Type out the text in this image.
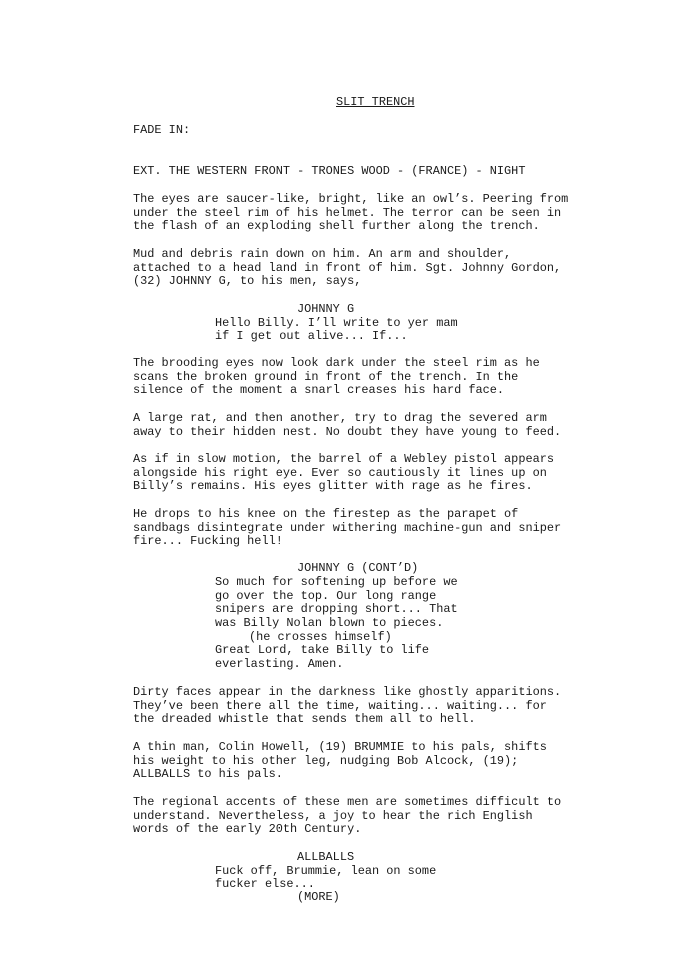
SLIT TRENCH
FADE IN:
EXT. THE WESTERN FRONT - TRONES WOOD - (FRANCE) - NIGHT
The eyes are saucer-like, bright, like an owl’s. Peering from
under the steel rim of his helmet. The terror can be seen in
the flash of an exploding shell further along the trench.
Mud and debris rain down on him. An arm and shoulder,
attached to a head land in front of him. Sgt. Johnny Gordon,
(32) JOHNNY G, to his men, says,
JOHNNY G
Hello Billy. I’ll write to yer mam
if I get out alive... If...
The brooding eyes now look dark under the steel rim as he
scans the broken ground in front of the trench. In the
silence of the moment a snarl creases his hard face.
A large rat, and then another, try to drag the severed arm
away to their hidden nest. No doubt they have young to feed.
As if in slow motion, the barrel of a Webley pistol appears
alongside his right eye. Ever so cautiously it lines up on
Billy’s remains. His eyes glitter with rage as he fires.
He drops to his knee on the firestep as the parapet of
sandbags disintegrate under withering machine-gun and sniper
fire... Fucking hell!
JOHNNY G (CONT’D)
So much for softening up before we
go over the top. Our long range
snipers are dropping short... That
was Billy Nolan blown to pieces.
(he crosses himself)
Great Lord, take Billy to life
everlasting. Amen.
Dirty faces appear in the darkness like ghostly apparitions.
They’ve been there all the time, waiting... waiting... for
the dreaded whistle that sends them all to hell.
A thin man, Colin Howell, (19) BRUMMIE to his pals, shifts
his weight to his other leg, nudging Bob Alcock, (19);
ALLBALLS to his pals.
The regional accents of these men are sometimes difficult to
understand. Nevertheless, a joy to hear the rich English
words of the early 20th Century.
ALLBALLS
Fuck off, Brummie, lean on some
fucker else...
(MORE)
